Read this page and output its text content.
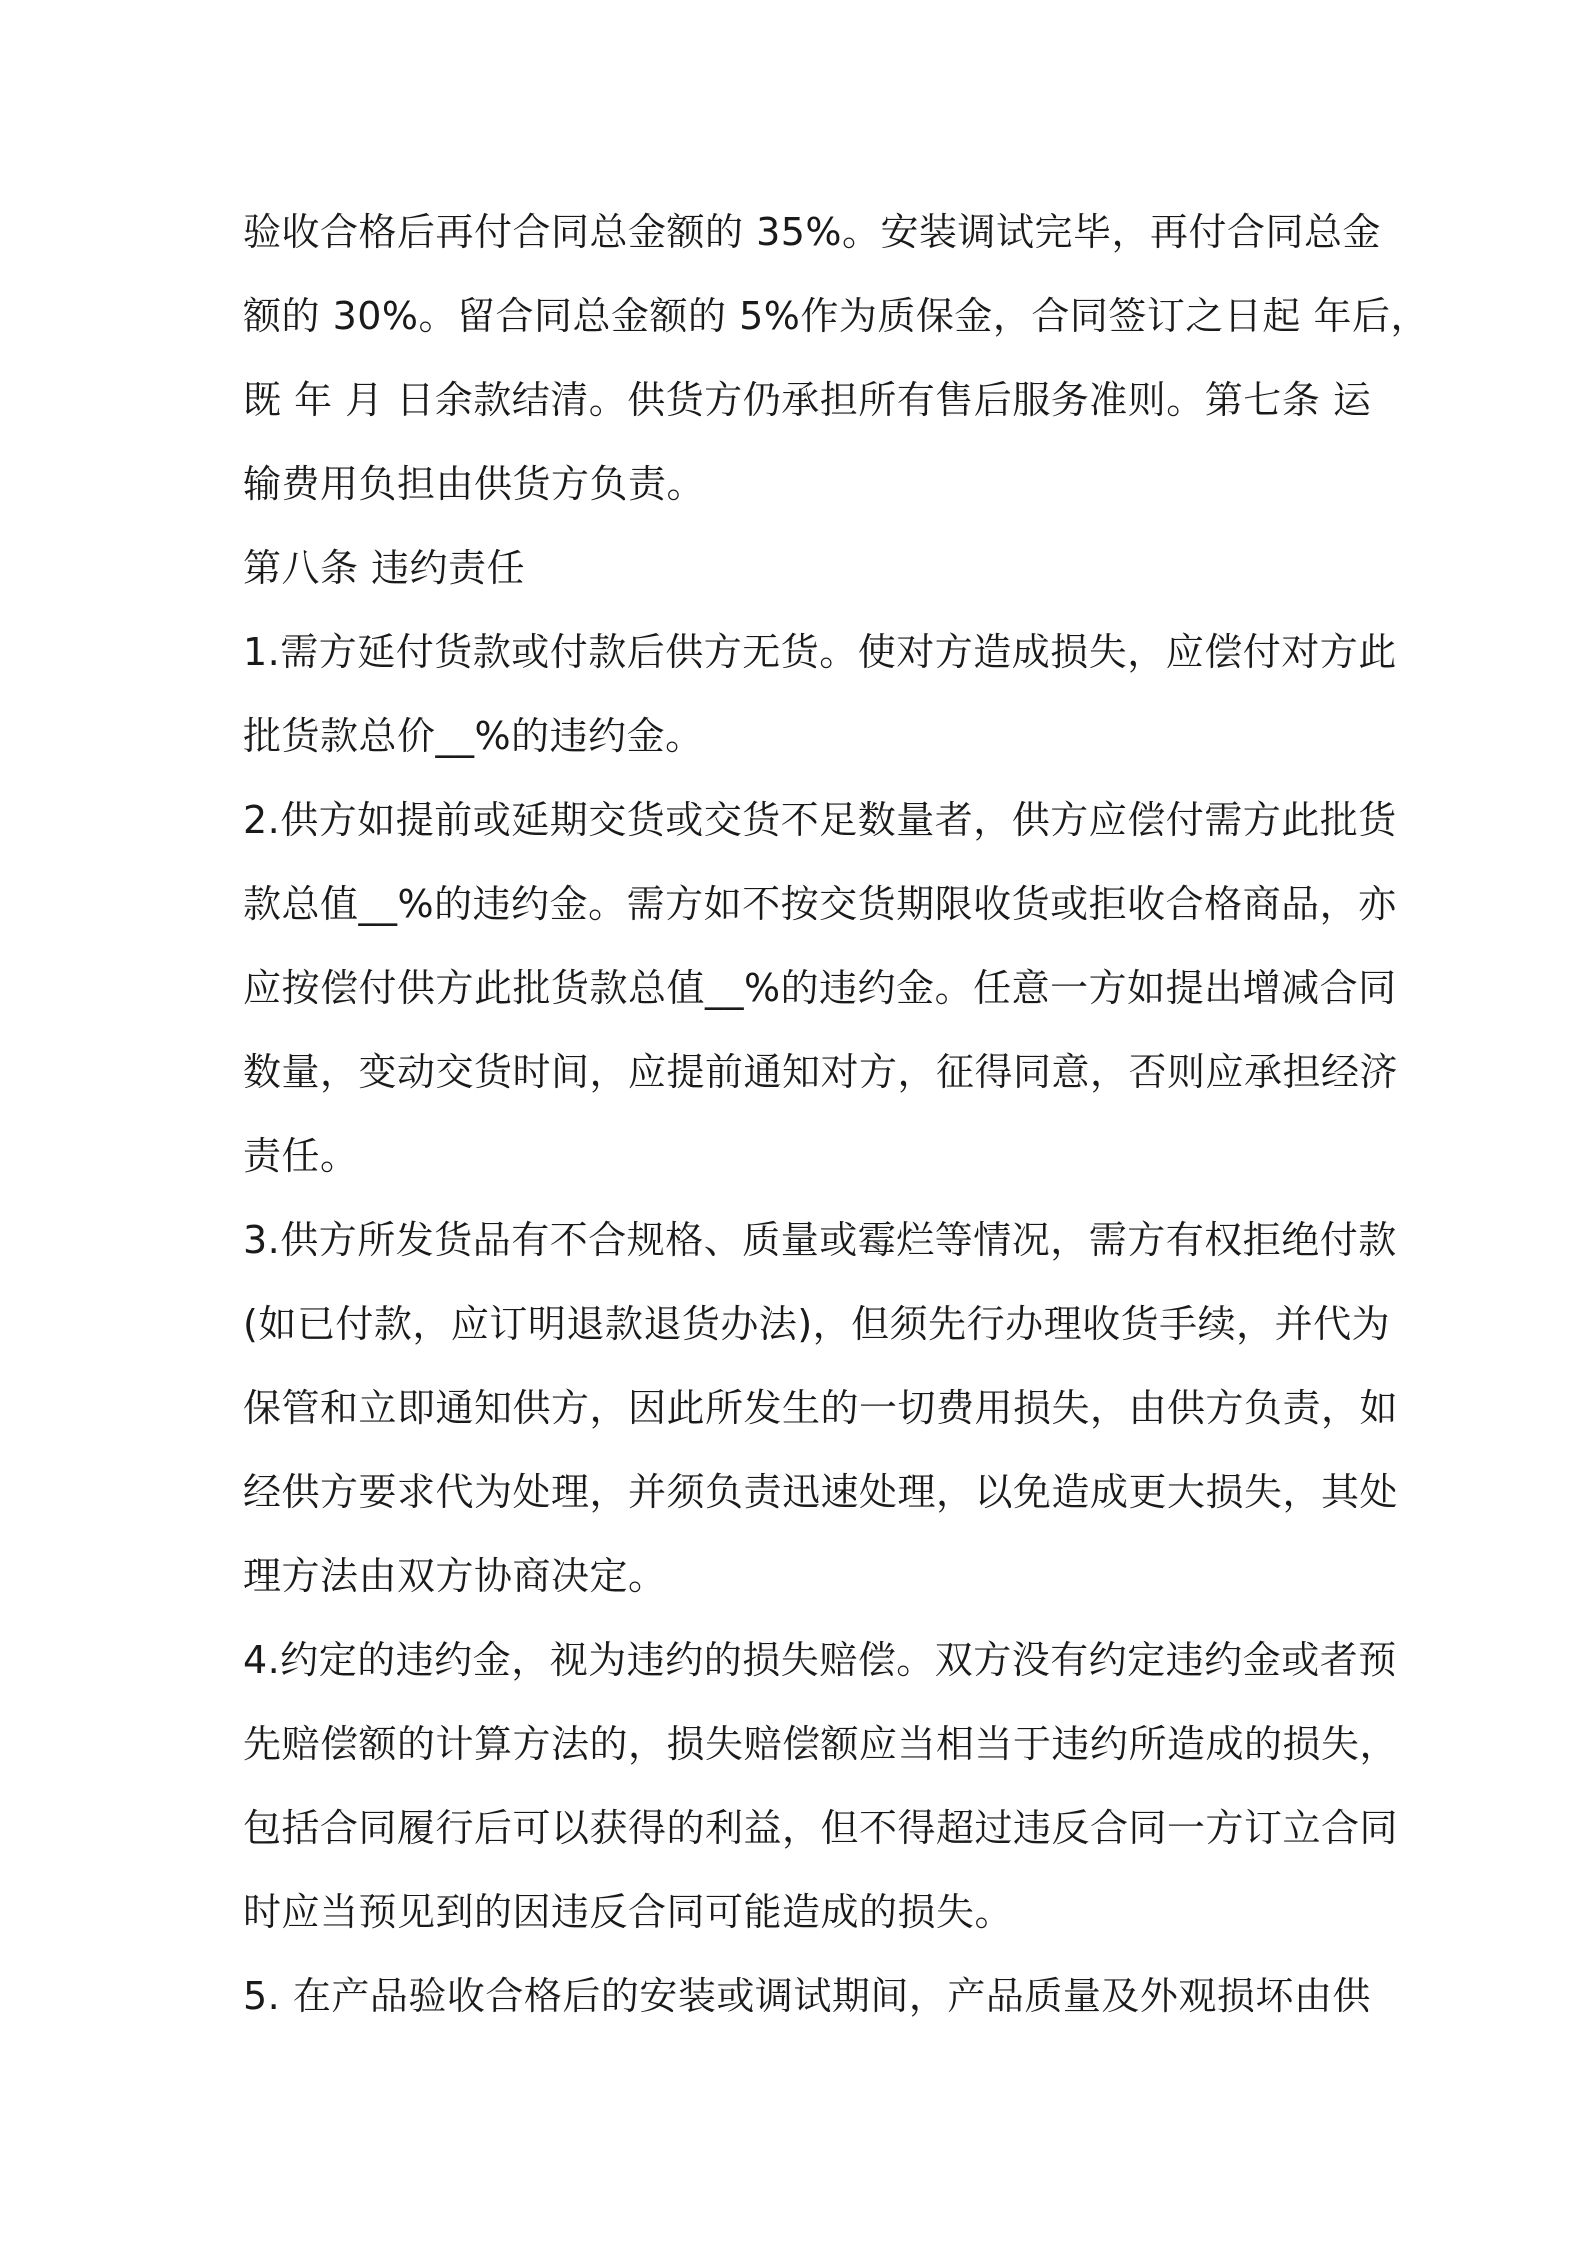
验收合格后再付合同总金额的 35%。安装调试完毕，再付合同总金
额的 30%。留合同总金额的 5%作为质保金，合同签订之日起 年后，
既 年 月 日余款结清。供货方仍承担所有售后服务准则。第七条 运
输费用负担由供货方负责。
第八条 违约责任
1.需方延付货款或付款后供方无货。使对方造成损失，应偿付对方此
批货款总价__%的违约金。
2.供方如提前或延期交货或交货不足数量者，供方应偿付需方此批货
款总值__%的违约金。需方如不按交货期限收货或拒收合格商品，亦
应按偿付供方此批货款总值__%的违约金。任意一方如提出增减合同
数量，变动交货时间，应提前通知对方，征得同意，否则应承担经济
责任。
3.供方所发货品有不合规格、质量或霉烂等情况，需方有权拒绝付款
(如已付款，应订明退款退货办法)，但须先行办理收货手续，并代为
保管和立即通知供方，因此所发生的一切费用损失，由供方负责，如
经供方要求代为处理，并须负责迅速处理，以免造成更大损失，其处
理方法由双方协商决定。
4.约定的违约金，视为违约的损失赔偿。双方没有约定违约金或者预
先赔偿额的计算方法的，损失赔偿额应当相当于违约所造成的损失，
包括合同履行后可以获得的利益，但不得超过违反合同一方订立合同
时应当预见到的因违反合同可能造成的损失。
5. 在产品验收合格后的安装或调试期间，产品质量及外观损坏由供
